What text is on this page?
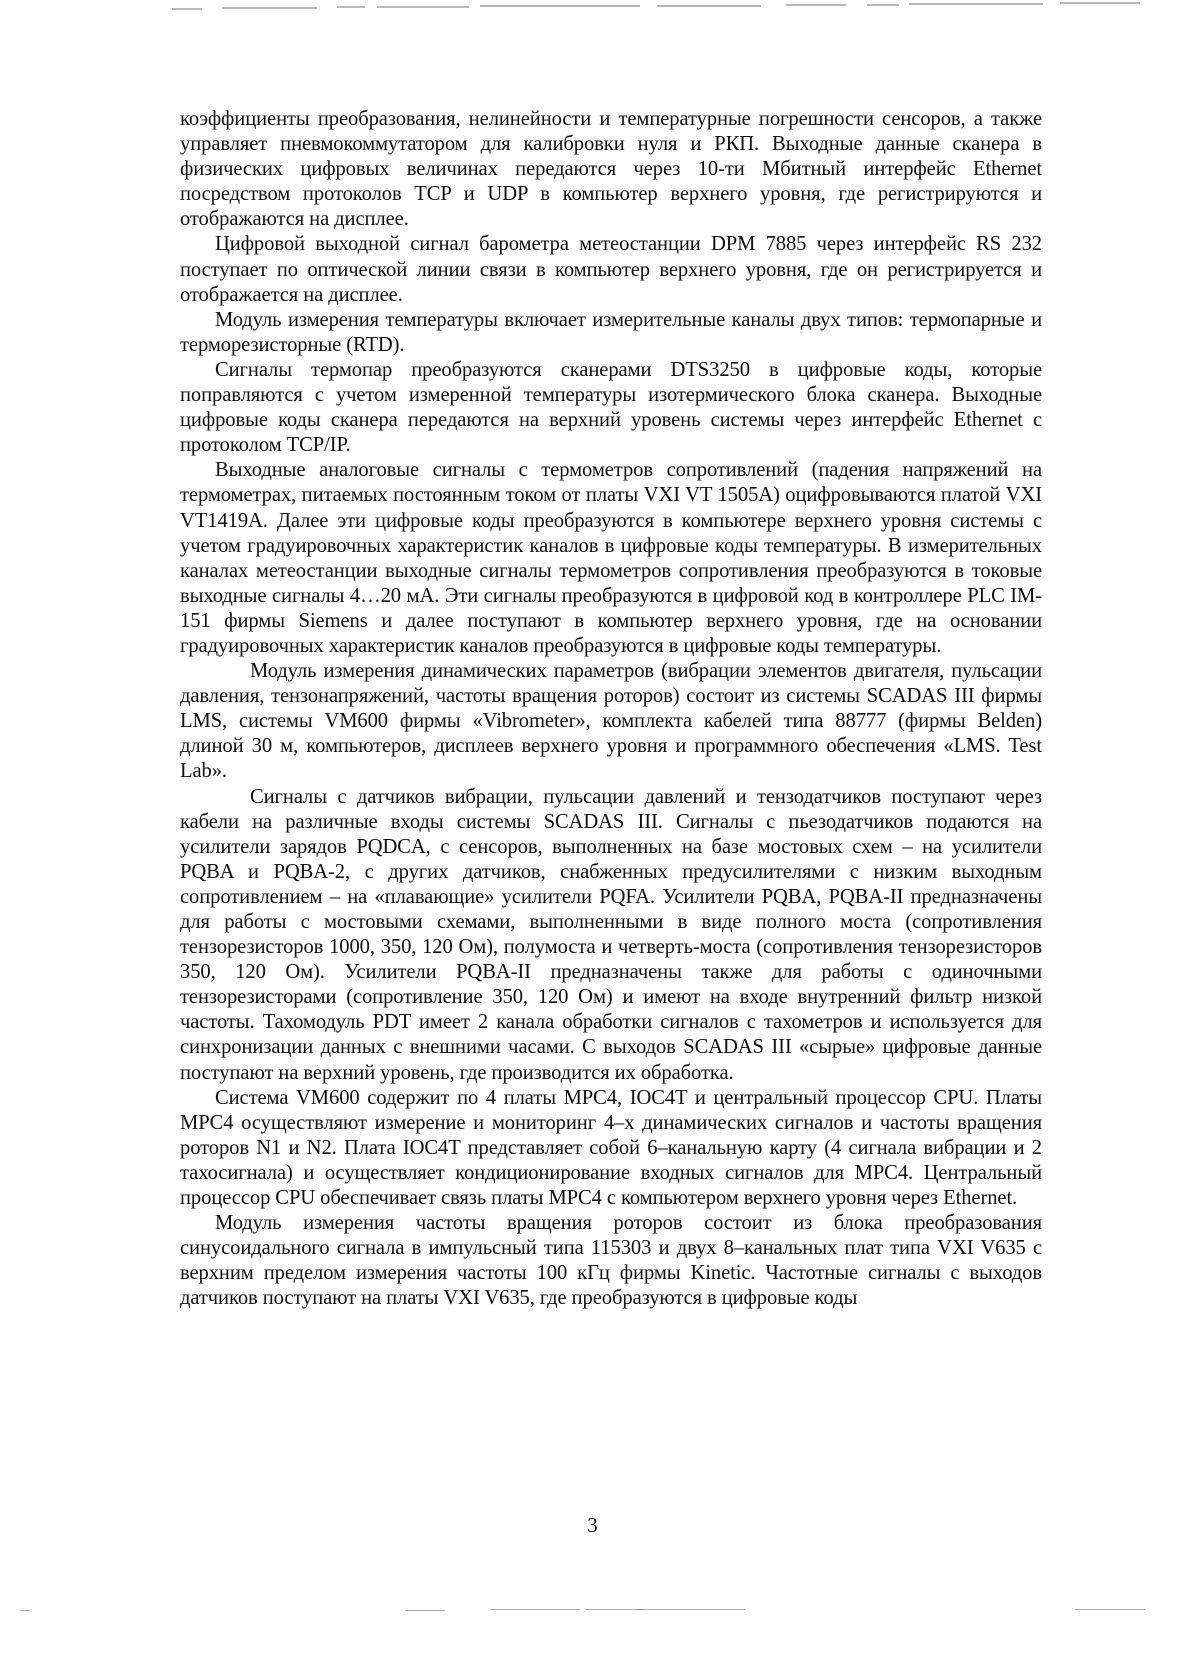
коэффициенты преобразования, нелинейности и температурные погрешности сенсоров, а также управляет пневмокоммутатором для калибровки нуля и РКП. Выходные данные сканера в физических цифровых величинах передаются через 10-ти Мбитный интерфейс Ethernet посредством протоколов TCP и UDP в компьютер верхнего уровня, где регистрируются и отображаются на дисплее.

Цифровой выходной сигнал барометра метеостанции DPM 7885 через интерфейс RS 232 поступает по оптической линии связи в компьютер верхнего уровня, где он регистрируется и отображается на дисплее.

Модуль измерения температуры включает измерительные каналы двух типов: термопарные и терморезисторные (RTD).

Сигналы термопар преобразуются сканерами DTS3250 в цифровые коды, которые поправляются с учетом измеренной температуры изотермического блока сканера. Выходные цифровые коды сканера передаются на верхний уровень системы через интерфейс Ethernet с протоколом TCP/IP.

Выходные аналоговые сигналы с термометров сопротивлений (падения напряжений на термометрах, питаемых постоянным током от платы VXI VT 1505A) оцифровываются платой VXI VT1419A. Далее эти цифровые коды преобразуются в компьютере верхнего уровня системы с учетом градуировочных характеристик каналов в цифровые коды температуры. В измерительных каналах метеостанции выходные сигналы термометров сопротивления преобразуются в токовые выходные сигналы 4…20 мА. Эти сигналы преобразуются в цифровой код в контроллере PLC IM-151 фирмы Siemens и далее поступают в компьютер верхнего уровня, где на основании градуировочных характеристик каналов преобразуются в цифровые коды температуры.

Модуль измерения динамических параметров (вибрации элементов двигателя, пульсации давления, тензонапряжений, частоты вращения роторов) состоит из системы SCADAS III фирмы LMS, системы VM600 фирмы «Vibrometer», комплекта кабелей типа 88777 (фирмы Belden) длиной 30 м, компьютеров, дисплеев верхнего уровня и программного обеспечения «LMS. Test Lab».

Сигналы с датчиков вибрации, пульсации давлений и тензодатчиков поступают через кабели на различные входы системы SCADAS III. Сигналы с пьезодатчиков подаются на усилители зарядов PQDCA, с сенсоров, выполненных на базе мостовых схем – на усилители PQBA и PQBA-2, с других датчиков, снабженных предусилителями с низким выходным сопротивлением – на «плавающие» усилители PQFA. Усилители PQBA, PQBA-II предназначены для работы с мостовыми схемами, выполненными в виде полного моста (сопротивления тензорезисторов 1000, 350, 120 Ом), полумоста и четверть-моста (сопротивления тензорезисторов 350, 120 Ом). Усилители PQBA-II предназначены также для работы с одиночными тензорезисторами (сопротивление 350, 120 Ом) и имеют на входе внутренний фильтр низкой частоты. Тахомодуль PDT имеет 2 канала обработки сигналов с тахометров и используется для синхронизации данных с внешними часами. С выходов SCADAS III «сырые» цифровые данные поступают на верхний уровень, где производится их обработка.

Система VM600 содержит по 4 платы MPC4, IOC4T и центральный процессор CPU. Платы MPC4 осуществляют измерение и мониторинг 4–х динамических сигналов и частоты вращения роторов N1 и N2. Плата IOC4T представляет собой 6–канальную карту (4 сигнала вибрации и 2 тахосигнала) и осуществляет кондиционирование входных сигналов для MPC4. Центральный процессор CPU обеспечивает связь платы MPC4 с компьютером верхнего уровня через Ethernet.

Модуль измерения частоты вращения роторов состоит из блока преобразования синусоидального сигнала в импульсный типа 115303 и двух 8–канальных плат типа VXI V635 с верхним пределом измерения частоты 100 кГц фирмы Kinetic. Частотные сигналы с выходов датчиков поступают на платы VXI V635, где преобразуются в цифровые коды

3
